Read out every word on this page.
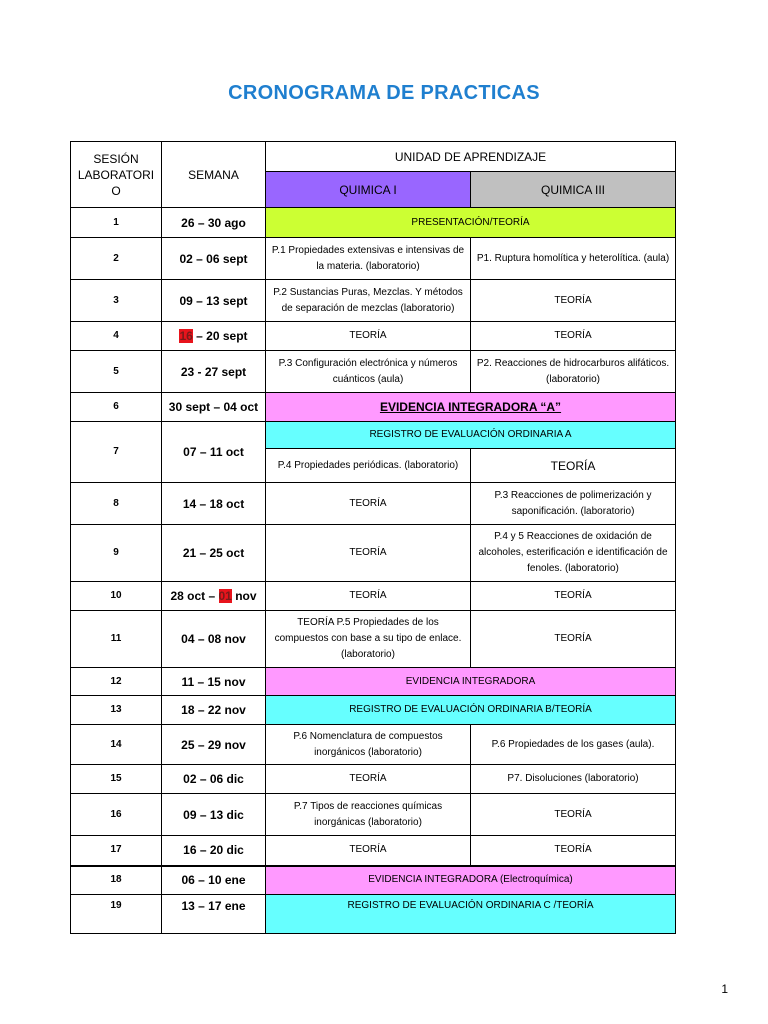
CRONOGRAMA DE PRACTICAS
SESIÓN LABORATORI O	SEMANA	UNIDAD DE APRENDIZAJE	
		QUIMICA I	QUIMICA III
1	26 – 30 ago	PRESENTACIÓN/TEORÍA	
2	02 – 06 sept	P.1 Propiedades extensivas e intensivas de la materia. (laboratorio)	P1. Ruptura homolítica y heterolítica. (aula)
3	09 – 13 sept	P.2 Sustancias Puras, Mezclas. Y métodos de separación de mezclas (laboratorio)	TEORÍA
4	16 – 20 sept	TEORÍA	TEORÍA
5	23 - 27 sept	P.3 Configuración electrónica y números cuánticos (aula)	P2. Reacciones de hidrocarburos alifáticos. (laboratorio)
6	30 sept – 04 oct	EVIDENCIA INTEGRADORA “A”	
7	07 – 11 oct	REGISTRO DE EVALUACIÓN ORDINARIA A	
		P.4 Propiedades periódicas. (laboratorio)	TEORÍA
8	14 – 18 oct	TEORÍA	P.3 Reacciones de polimerización y saponificación. (laboratorio)
9	21 – 25 oct	TEORÍA	P.4 y 5 Reacciones de oxidación de alcoholes, esterificación e identificación de fenoles. (laboratorio)
10	28 oct – 01 nov	TEORÍA	TEORÍA
11	04 – 08 nov	TEORÍA P.5 Propiedades de los compuestos con base a su tipo de enlace. (laboratorio)	TEORÍA
12	11 – 15 nov	EVIDENCIA INTEGRADORA	
13	18 – 22 nov	REGISTRO DE EVALUACIÓN ORDINARIA B/TEORÍA	
14	25 – 29 nov	P.6 Nomenclatura de compuestos inorgánicos (laboratorio)	P.6 Propiedades de los gases (aula).
15	02 – 06 dic	TEORÍA	P7. Disoluciones (laboratorio)
16	09 – 13 dic	P.7 Tipos de reacciones químicas inorgánicas (laboratorio)	TEORÍA
17	16 – 20 dic	TEORÍA	TEORÍA
18	06 – 10 ene	EVIDENCIA INTEGRADORA (Electroquímica)	
19	13 – 17 ene	REGISTRO DE EVALUACIÓN ORDINARIA C /TEORÍA	
1
